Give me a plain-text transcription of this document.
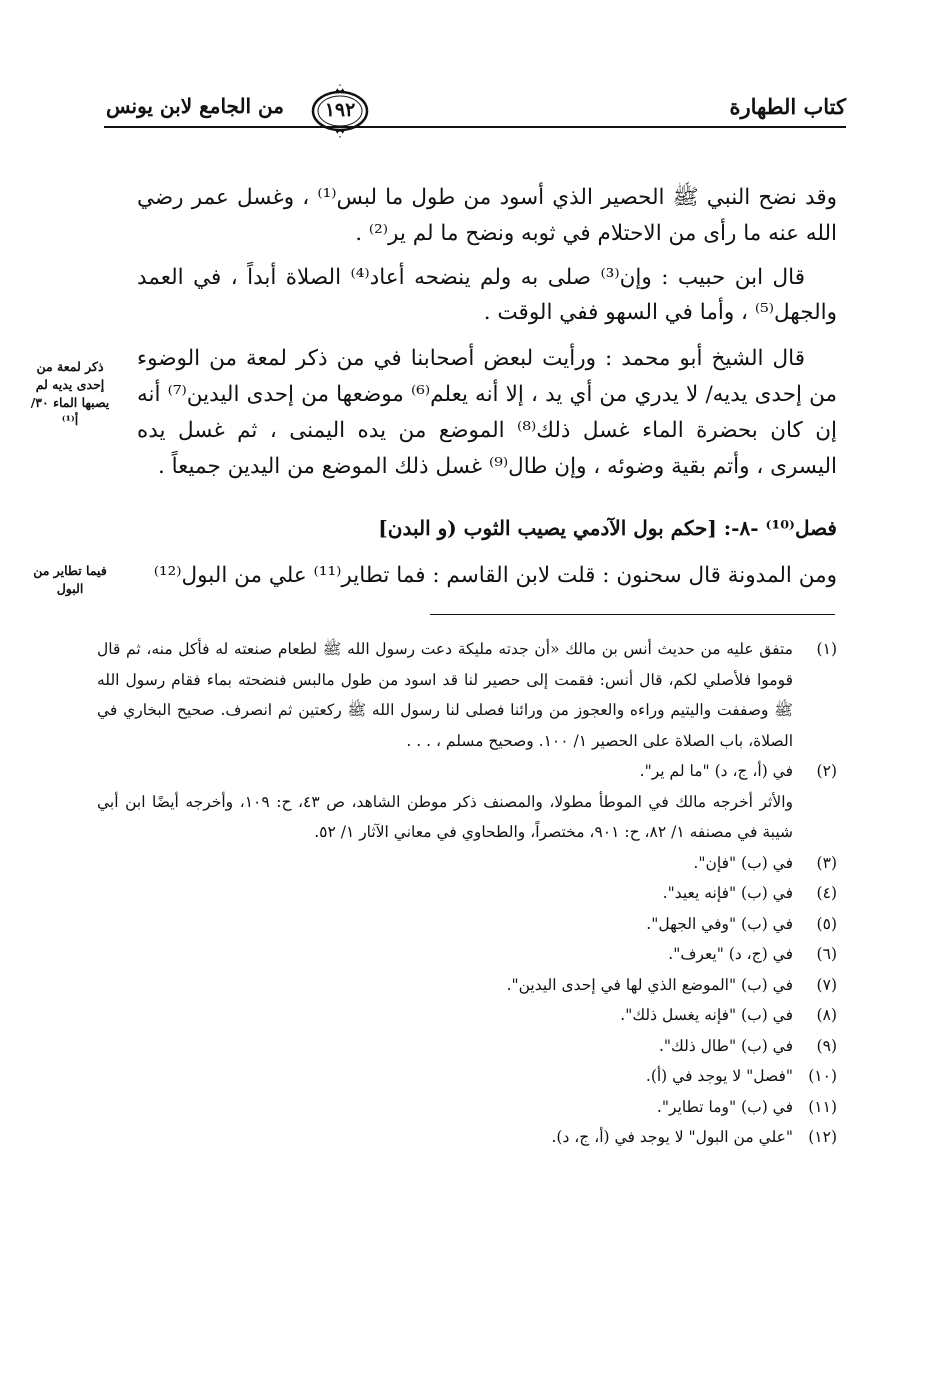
كتاب الطهارة
١٩٢
من الجامع لابن يونس

وقد نضح النبي ﷺ الحصير الذي أسود من طول ما لبس⁽¹⁾ ، وغسل عمر رضي الله عنه ما رأى من الاحتلام في ثوبه ونضح ما لم ير⁽²⁾ .

قال ابن حبيب : وإن⁽³⁾ صلى به ولم ينضحه أعاد⁽⁴⁾ الصلاة أبداً ، في العمد والجهل⁽⁵⁾ ، وأما في السهو ففي الوقت .

قال الشيخ أبو محمد : ورأيت لبعض أصحابنا في من ذكر لمعة من الوضوء من إحدى يديه/ لا يدري من أي يد ، إلا أنه يعلم⁽⁶⁾ موضعها من إحدى اليدين⁽⁷⁾ أنه إن كان بحضرة الماء غسل ذلك⁽⁸⁾ الموضع من يده اليمنى ، ثم غسل يده اليسرى ، وأتم بقية وضوئه ، وإن طال⁽⁹⁾ غسل ذلك الموضع من اليدين جميعاً .

فصل⁽¹⁰⁾ -٨-: [حكم بول الآدمي يصيب الثوب (و البدن]
ومن المدونة قال سحنون : قلت لابن القاسم : فما تطاير⁽¹¹⁾ علي من البول⁽¹²⁾
ذكر لمعة من إحدى يديه لم يصبها الماء ٣٠/أ⁽¹⁾
فيما تطاير من البول
(١)
متفق عليه من حديث أنس بن مالك «أن جدته مليكة دعت رسول الله ﷺ لطعام صنعته له فأكل منه، ثم قال قوموا فلأصلي لكم، قال أنس: فقمت إلى حصير لنا قد اسود من طول مالبس فنضحته بماء فقام رسول الله ﷺ وصففت واليتيم وراءه والعجوز من ورائنا فصلى لنا رسول الله ﷺ ركعتين ثم انصرف. صحيح البخاري في الصلاة، باب الصلاة على الحصير ١/ ١٠٠. وصحيح مسلم ، . . .
(٢)
في (أ، ج، د) "ما لم ير".
والأثر أخرجه مالك في الموطأ مطولا، والمصنف ذكر موطن الشاهد، ص ٤٣، ح: ١٠٩، وأخرجه أيضًا ابن أبي شيبة في مصنفه ١/ ٨٢، ح: ٩٠١، مختصراً، والطحاوي في معاني الآثار ١/ ٥٢.
(٣)
في (ب) "فإن".
(٤)
في (ب) "فإنه يعيد".
(٥)
في (ب) "وفي الجهل".
(٦)
في (ج، د) "يعرف".
(٧)
في (ب) "الموضع الذي لها في إحدى اليدين".
(٨)
في (ب) "فإنه يغسل ذلك".
(٩)
في (ب) "طال ذلك".
(١٠)
"فصل" لا يوجد في (أ).
(١١)
في (ب) "وما تطاير".
(١٢)
"علي من البول" لا يوجد في (أ، ج، د).
